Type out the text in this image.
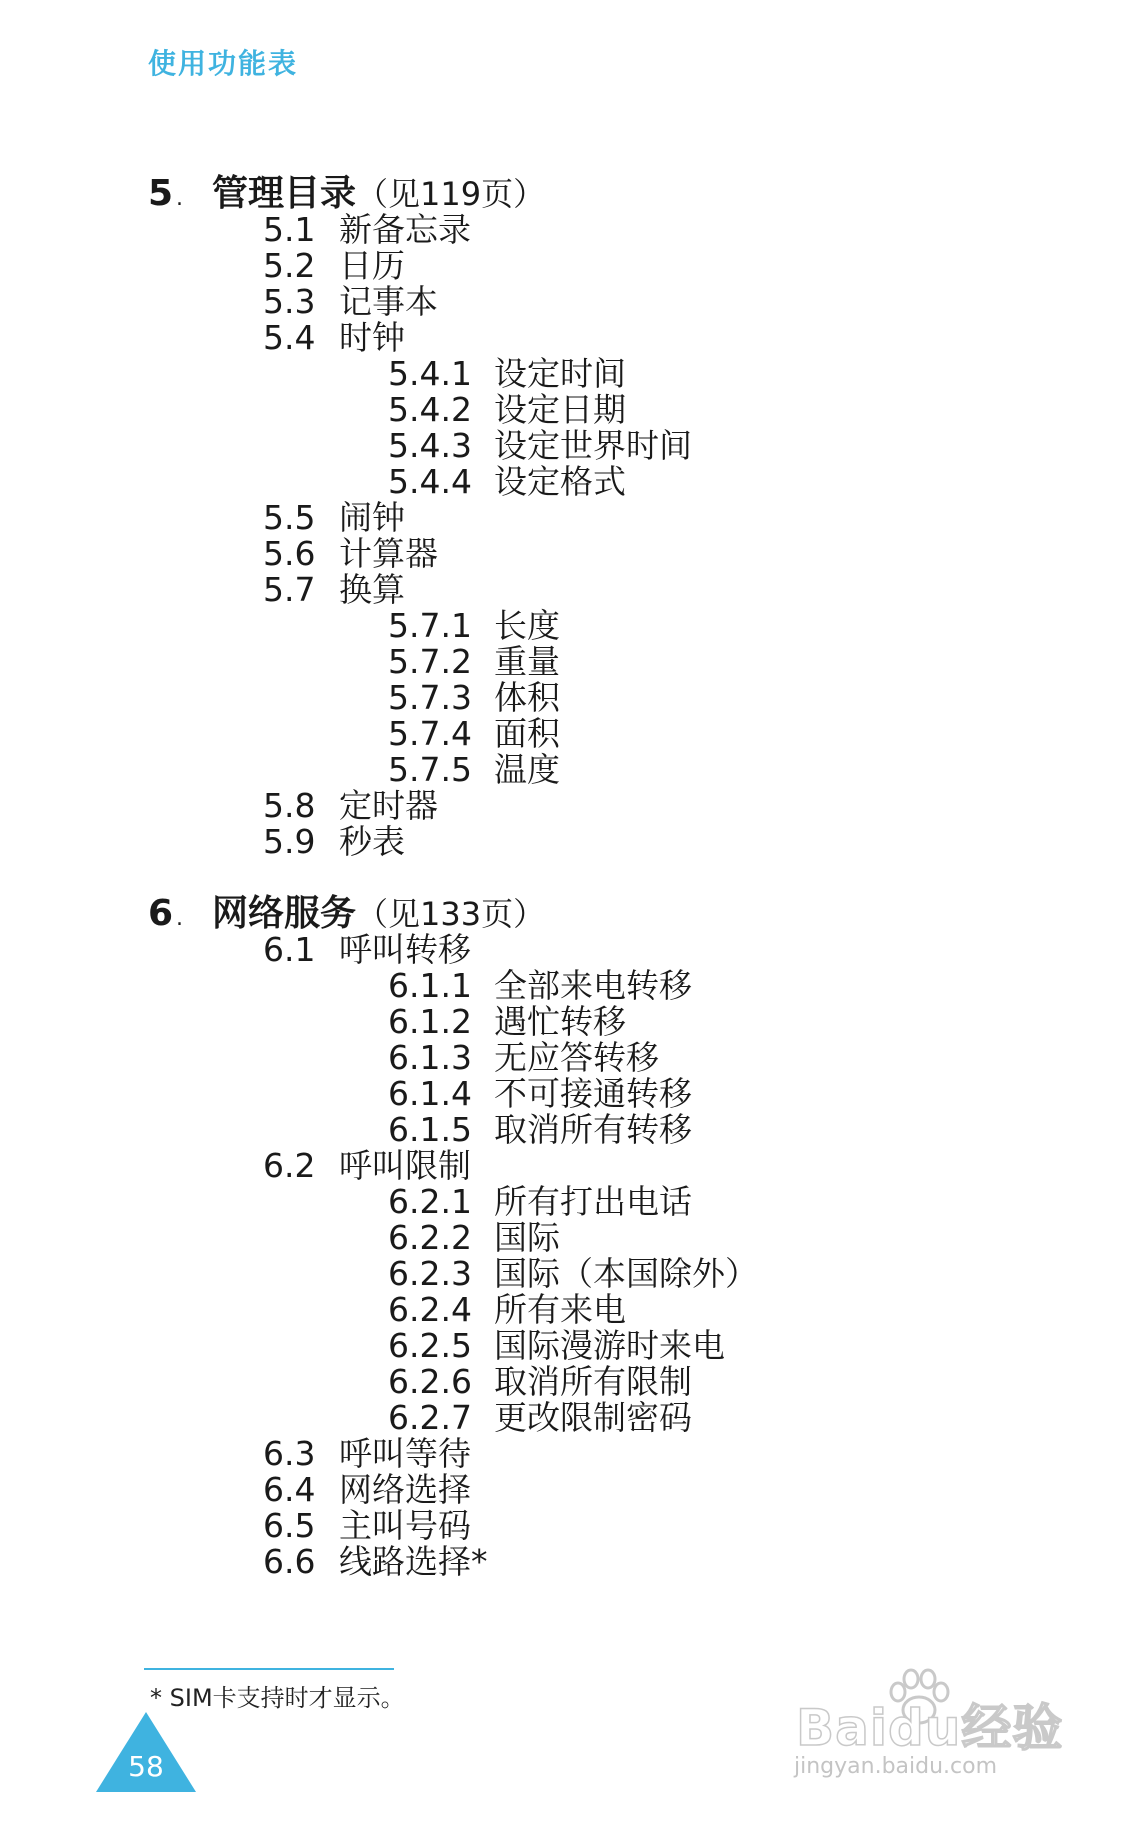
使用功能表
5 . 管理目录（见119页）
5.1 新备忘录
5.2 日历
5.3 记事本
5.4 时钟
5.4.1 设定时间
5.4.2 设定日期
5.4.3 设定世界时间
5.4.4 设定格式
5.5 闹钟
5.6 计算器
5.7 换算
5.7.1 长度
5.7.2 重量
5.7.3 体积
5.7.4 面积
5.7.5 温度
5.8 定时器
5.9 秒表
6 . 网络服务（见133页）
6.1 呼叫转移
6.1.1 全部来电转移
6.1.2 遇忙转移
6.1.3 无应答转移
6.1.4 不可接通转移
6.1.5 取消所有转移
6.2 呼叫限制
6.2.1 所有打出电话
6.2.2 国际
6.2.3 国际（本国除外）
6.2.4 所有来电
6.2.5 国际漫游时来电
6.2.6 取消所有限制
6.2.7 更改限制密码
6.3 呼叫等待
6.4 网络选择
6.5 主叫号码
6.6 线路选择*
* SIM卡支持时才显示。
58
Baidu经验
jingyan.baidu.com
